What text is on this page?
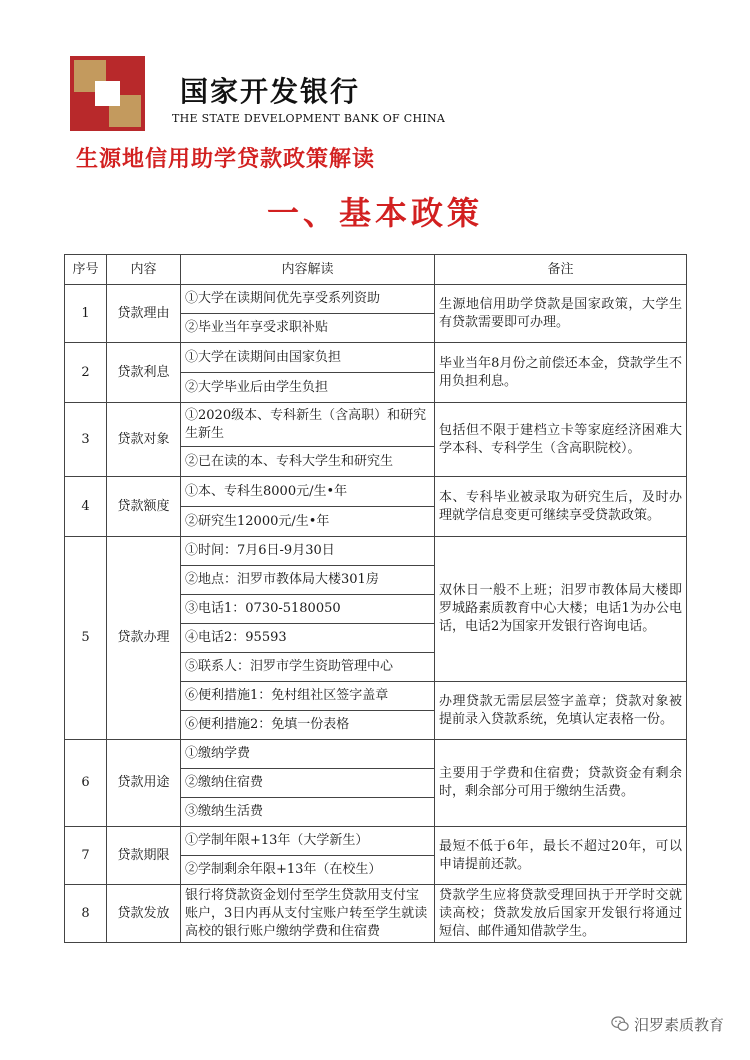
国家开发银行
THE STATE DEVELOPMENT BANK OF CHINA
生源地信用助学贷款政策解读
一、基本政策
序号	内容	内容解读	备注
1	贷款理由	①大学在读期间优先享受系列资助	生源地信用助学贷款是国家政策，大学生有贷款需要即可办理。
		②毕业当年享受求职补贴	
2	贷款利息	①大学在读期间由国家负担	毕业当年8月份之前偿还本金，贷款学生不用负担利息。
		②大学毕业后由学生负担	
3	贷款对象	①2020级本、专科新生（含高职）和研究生新生	包括但不限于建档立卡等家庭经济困难大学本科、专科学生（含高职院校）。
		②已在读的本、专科大学生和研究生	
4	贷款额度	①本、专科生8000元/生•年	本、专科毕业被录取为研究生后，及时办理就学信息变更可继续享受贷款政策。
		②研究生12000元/生•年	
5	贷款办理	①时间：7月6日-9月30日	双休日一般不上班；汨罗市教体局大楼即罗城路素质教育中心大楼；电话1为办公电话，电话2为国家开发银行咨询电话。
		②地点：汨罗市教体局大楼301房	
		③电话1：0730-5180050	
		④电话2：95593	
		⑤联系人：汨罗市学生资助管理中心	
		⑥便利措施1：免村组社区签字盖章	办理贷款无需层层签字盖章；贷款对象被提前录入贷款系统，免填认定表格一份。
		⑥便利措施2：免填一份表格	
6	贷款用途	①缴纳学费	主要用于学费和住宿费；贷款资金有剩余时，剩余部分可用于缴纳生活费。
		②缴纳住宿费	
		③缴纳生活费	
7	贷款期限	①学制年限+13年（大学新生）	最短不低于6年，最长不超过20年，可以申请提前还款。
		②学制剩余年限+13年（在校生）	
8	贷款发放	银行将贷款资金划付至学生贷款用支付宝账户，3日内再从支付宝账户转至学生就读高校的银行账户缴纳学费和住宿费	贷款学生应将贷款受理回执于开学时交就读高校；贷款发放后国家开发银行将通过短信、邮件通知借款学生。
汨罗素质教育
